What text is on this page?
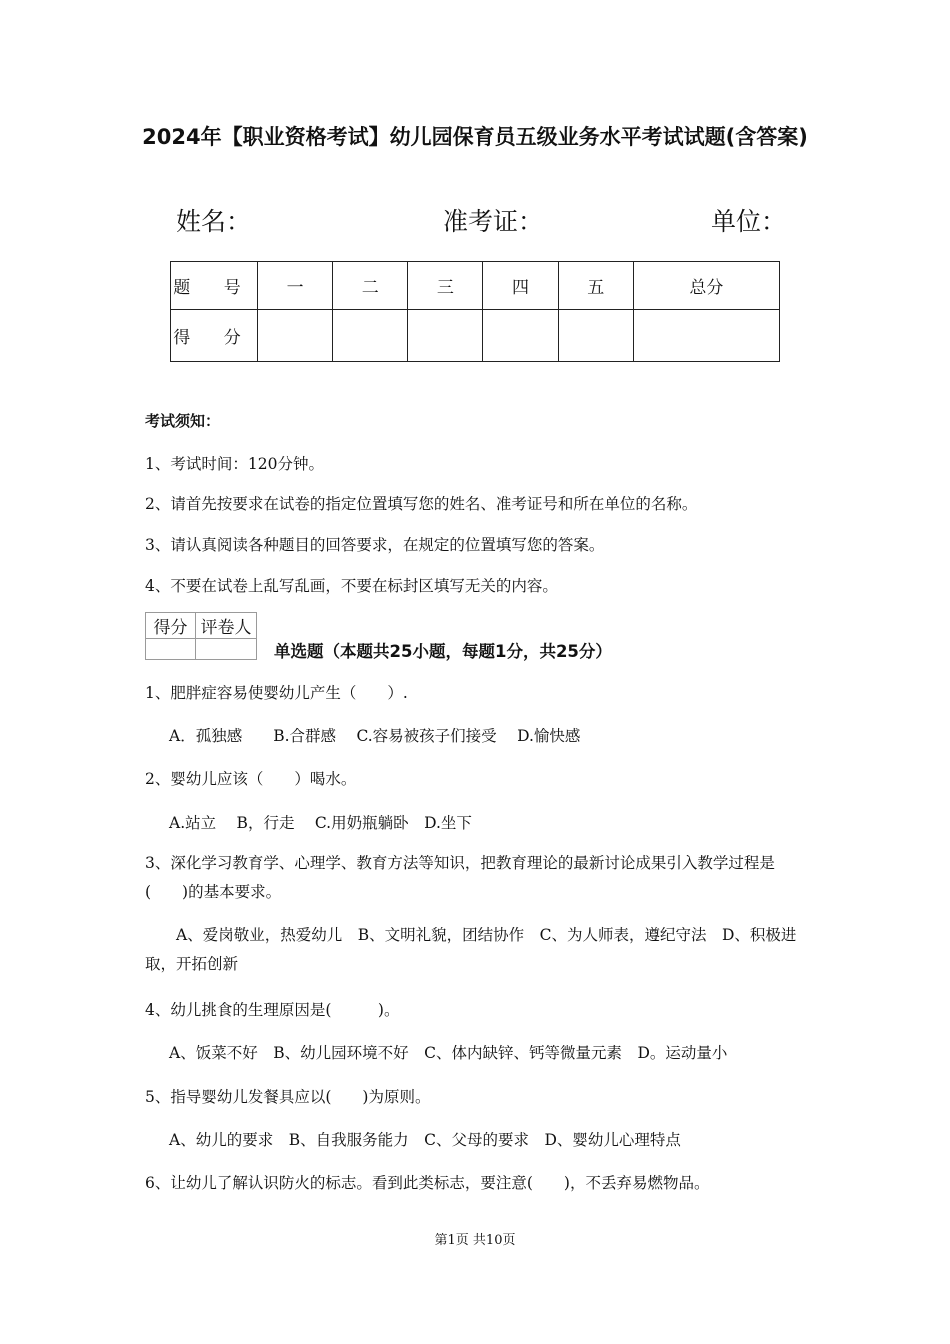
2024年【职业资格考试】幼儿园保育员五级业务水平考试试题(含答案)
姓名：	准考证：	单位：
题 号	一	二	三	四	五	总分
得 分						
考试须知：
1、考试时间：120分钟。
2、请首先按要求在试卷的指定位置填写您的姓名、准考证号和所在单位的名称。
3、请认真阅读各种题目的回答要求，在规定的位置填写您的答案。
4、不要在试卷上乱写乱画，不要在标封区填写无关的内容。
得分	评卷人

单选题（本题共25小题，每题1分，共25分）
1、肥胖症容易使婴幼儿产生（　　）.
A．孤独感　　B.合群感　 C.容易被孩子们接受　 D.愉快感
2、婴幼儿应该（　　）喝水。
A.站立　 B，行走　 C.用奶瓶躺卧　D.坐下
3、深化学习教育学、心理学、教育方法等知识，把教育理论的最新讨论成果引入教学过程是(　　)的基本要求。
　　A、爱岗敬业，热爱幼儿　B、文明礼貌，团结协作　C、为人师表，遵纪守法　D、积极进取，开拓创新
4、幼儿挑食的生理原因是(　　　)。
A、饭菜不好　B、幼儿园环境不好　C、体内缺锌、钙等微量元素　D。运动量小
5、指导婴幼儿发餐具应以(　　)为原则。
A、幼儿的要求　B、自我服务能力　C、父母的要求　D、婴幼儿心理特点
6、让幼儿了解认识防火的标志。看到此类标志，要注意(　　)，不丢弃易燃物品。
第1页 共10页
